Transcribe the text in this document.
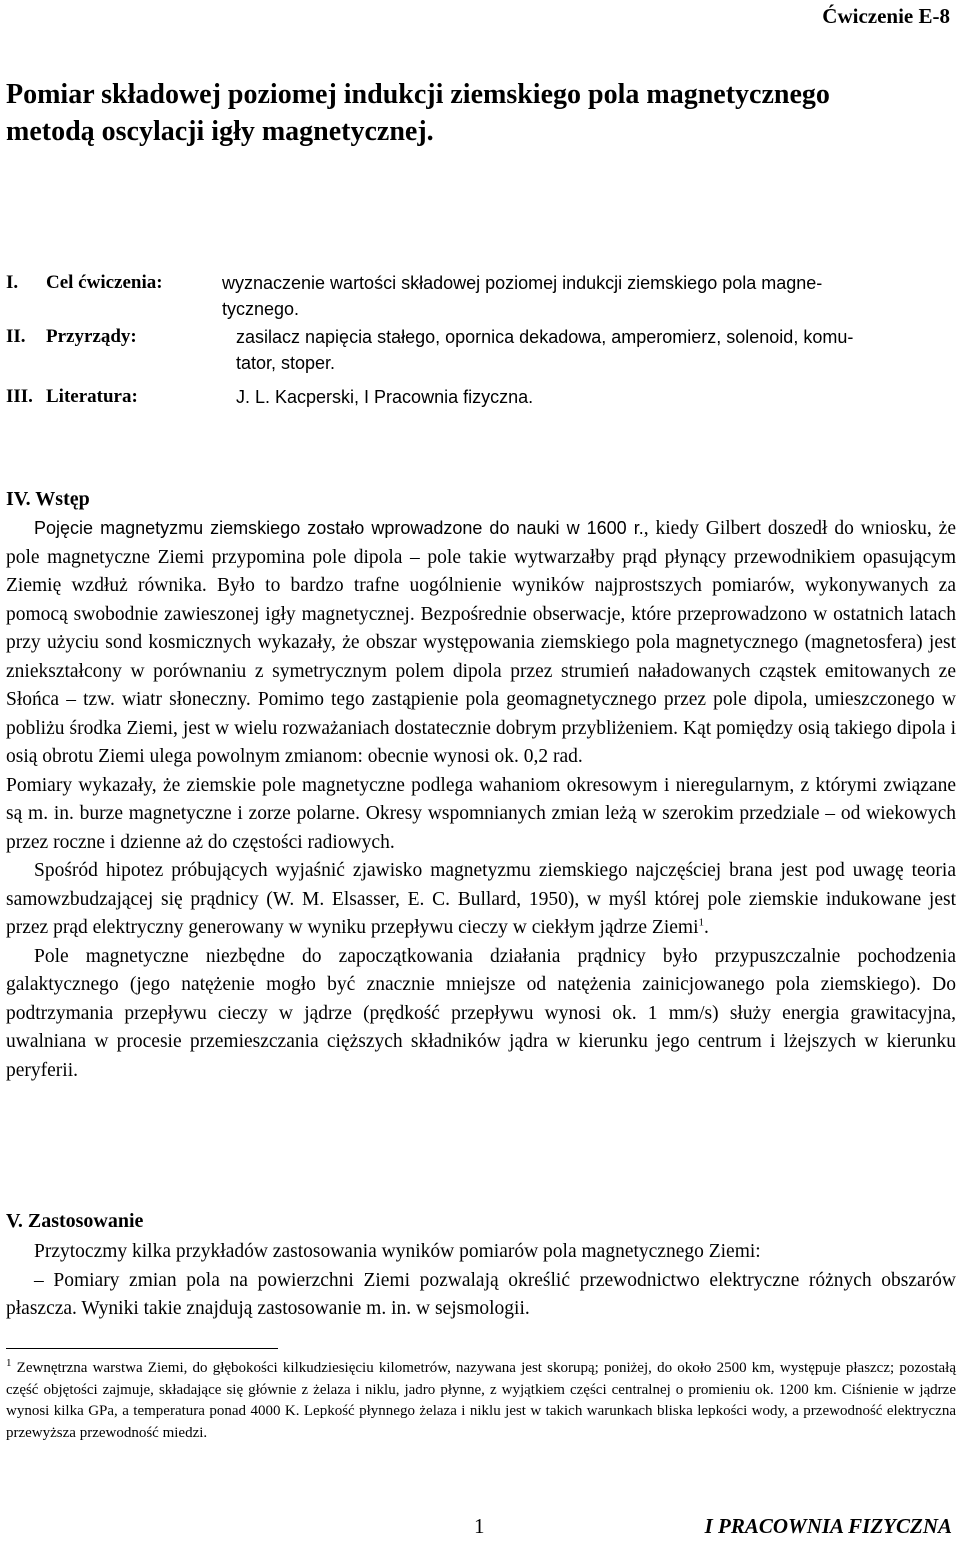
Ćwiczenie E-8
Pomiar składowej poziomej indukcji ziemskiego pola magnetycznego
metodą oscylacji igły magnetycznej.
I. Cel ćwiczenia:	wyznaczenie wartości składowej poziomej indukcji ziemskiego pola magne-
tycznego.
II. Przyrządy:	zasilacz napięcia stałego, opornica dekadowa, amperomierz, solenoid, komu-
tator, stoper.
III. Literatura:	J. L. Kacperski, I Pracownia fizyczna.
IV. Wstęp

Pojęcie magnetyzmu ziemskiego zostało wprowadzone do nauki w 1600 r., kiedy Gilbert doszedł do wniosku, że pole magnetyczne Ziemi przypomina pole dipola – pole takie wytwarzałby prąd płynący przewodnikiem opasującym Ziemię wzdłuż równika. Było to bardzo trafne uogólnienie wyników najprostszych pomiarów, wykonywanych za pomocą swobodnie zawieszonej igły magnetycznej. Bezpośrednie obserwacje, które przeprowadzono w ostatnich latach przy użyciu sond kosmicznych wykazały, że obszar występowania ziemskiego pola magnetycznego (magnetosfera) jest zniekształcony w porównaniu z symetrycznym polem dipola przez strumień naładowanych cząstek emitowanych ze Słońca – tzw. wiatr słoneczny. Pomimo tego zastąpienie pola geomagnetycznego przez pole dipola, umieszczonego w pobliżu środka Ziemi, jest w wielu rozważaniach dostatecznie dobrym przybliżeniem. Kąt pomiędzy osią takiego dipola i osią obrotu Ziemi ulega powolnym zmianom: obecnie wynosi ok. 0,2 rad.

Pomiary wykazały, że ziemskie pole magnetyczne podlega wahaniom okresowym i nieregularnym, z którymi związane są m. in. burze magnetyczne i zorze polarne. Okresy wspomnianych zmian leżą w szerokim przedziale – od wiekowych przez roczne i dzienne aż do częstości radiowych.

Spośród hipotez próbujących wyjaśnić zjawisko magnetyzmu ziemskiego najczęściej brana jest pod uwagę teoria samowzbudzającej się prądnicy (W. M. Elsasser, E. C. Bullard, 1950), w myśl której pole ziemskie indukowane jest przez prąd elektryczny generowany w wyniku przepływu cieczy w ciekłym jądrze Ziemi$^1$.

Pole magnetyczne niezbędne do zapoczątkowania działania prądnicy było przypuszczalnie pochodzenia galaktycznego (jego natężenie mogło być znacznie mniejsze od natężenia zainicjowanego pola ziemskiego). Do podtrzymania przepływu cieczy w jądrze (prędkość przepływu wynosi ok. 1 mm/s) służy energia grawitacyjna, uwalniana w procesie przemieszczania cięższych składników jądra w kierunku jego centrum i lżejszych w kierunku peryferii.

V. Zastosowanie

Przytoczmy kilka przykładów zastosowania wyników pomiarów pola magnetycznego Ziemi:

– Pomiary zmian pola na powierzchni Ziemi pozwalają określić przewodnictwo elektryczne różnych obszarów płaszcza. Wyniki takie znajdują zastosowanie m. in. w sejsmologii.

$^1$ Zewnętrzna warstwa Ziemi, do głębokości kilkudziesięciu kilometrów, nazywana jest skorupą; poniżej, do około 2500 km, występuje płaszcz; pozostałą część objętości zajmuje, składające się głównie z żelaza i niklu, jadro płynne, z wyjątkiem części centralnej o promieniu ok. 1200 km. Ciśnienie w jądrze wynosi kilka GPa, a temperatura ponad 4000 K. Lepkość płynnego żelaza i niklu jest w takich warunkach bliska lepkości wody, a przewodność elektryczna przewyższa przewodność miedzi.
1	I PRACOWNIA FIZYCZNA
